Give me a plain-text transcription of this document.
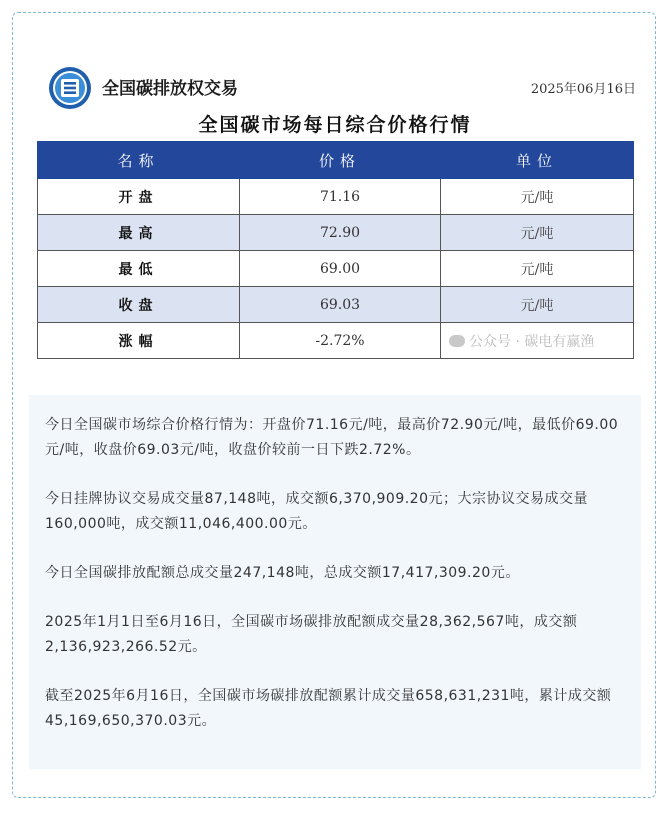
全国碳排放权交易	2025年06月16日
全国碳市场每日综合价格行情
名称	价格	单位
开盘	71.16	元/吨
最高	72.90	元/吨
最低	69.00	元/吨
收盘	69.03	元/吨
涨幅	-2.72%	公众号 · 碳电有赢渔

今日全国碳市场综合价格行情为：开盘价71.16元/吨，最高价72.90元/吨，最低价69.00元/吨，收盘价69.03元/吨，收盘价较前一日下跌2.72%。

今日挂牌协议交易成交量87,148吨，成交额6,370,909.20元；大宗协议交易成交量160,000吨，成交额11,046,400.00元。

今日全国碳排放配额总成交量247,148吨，总成交额17,417,309.20元。

2025年1月1日至6月16日，全国碳市场碳排放配额成交量28,362,567吨，成交额2,136,923,266.52元。

截至2025年6月16日，全国碳市场碳排放配额累计成交量658,631,231吨，累计成交额45,169,650,370.03元。
